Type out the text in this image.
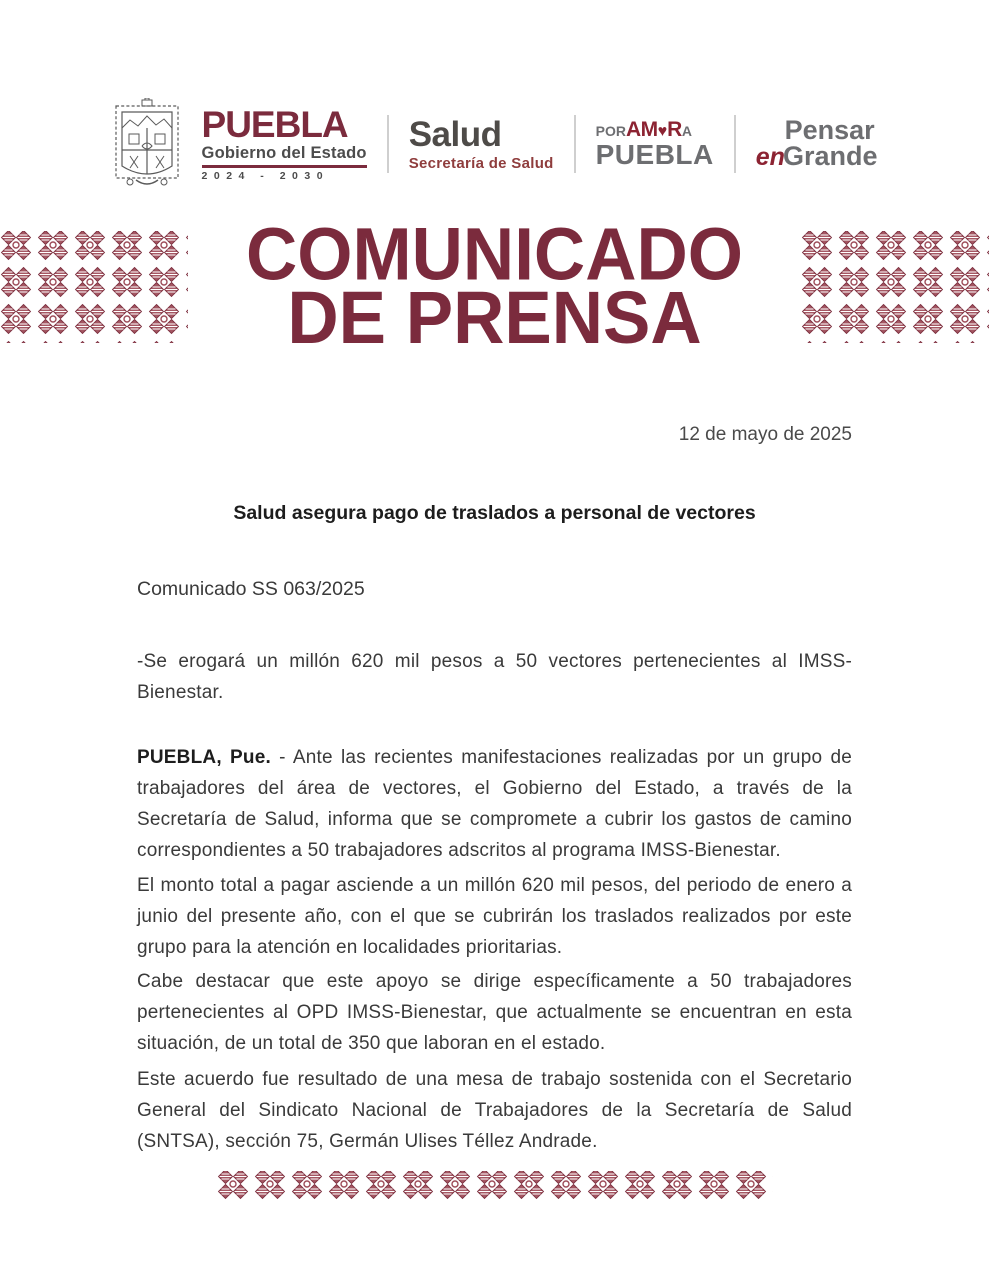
PUEBLA
Gobierno del Estado
2024 - 2030
Salud
Secretaría de Salud
POR AM ♥ R A
PUEBLA
Pensar
enGrande
COMUNICADO
DE PRENSA
12 de mayo de 2025
Salud asegura pago de traslados a personal de vectores
Comunicado SS 063/2025
-Se erogará un millón 620 mil pesos a 50 vectores pertenecientes al IMSS-Bienestar.
PUEBLA, Pue. - Ante las recientes manifestaciones realizadas por un grupo de trabajadores del área de vectores, el Gobierno del Estado, a través de la Secretaría de Salud, informa que se compromete a cubrir los gastos de camino correspondientes a 50 trabajadores adscritos al programa IMSS-Bienestar.
El monto total a pagar asciende a un millón 620 mil pesos, del periodo de enero a junio del presente año, con el que se cubrirán los traslados realizados por este grupo para la atención en localidades prioritarias.
Cabe destacar que este apoyo se dirige específicamente a 50 trabajadores pertenecientes al OPD IMSS-Bienestar, que actualmente se encuentran en esta situación, de un total de 350 que laboran en el estado.
Este acuerdo fue resultado de una mesa de trabajo sostenida con el Secretario General del Sindicato Nacional de Trabajadores de la Secretaría de Salud (SNTSA), sección 75, Germán Ulises Téllez Andrade.
